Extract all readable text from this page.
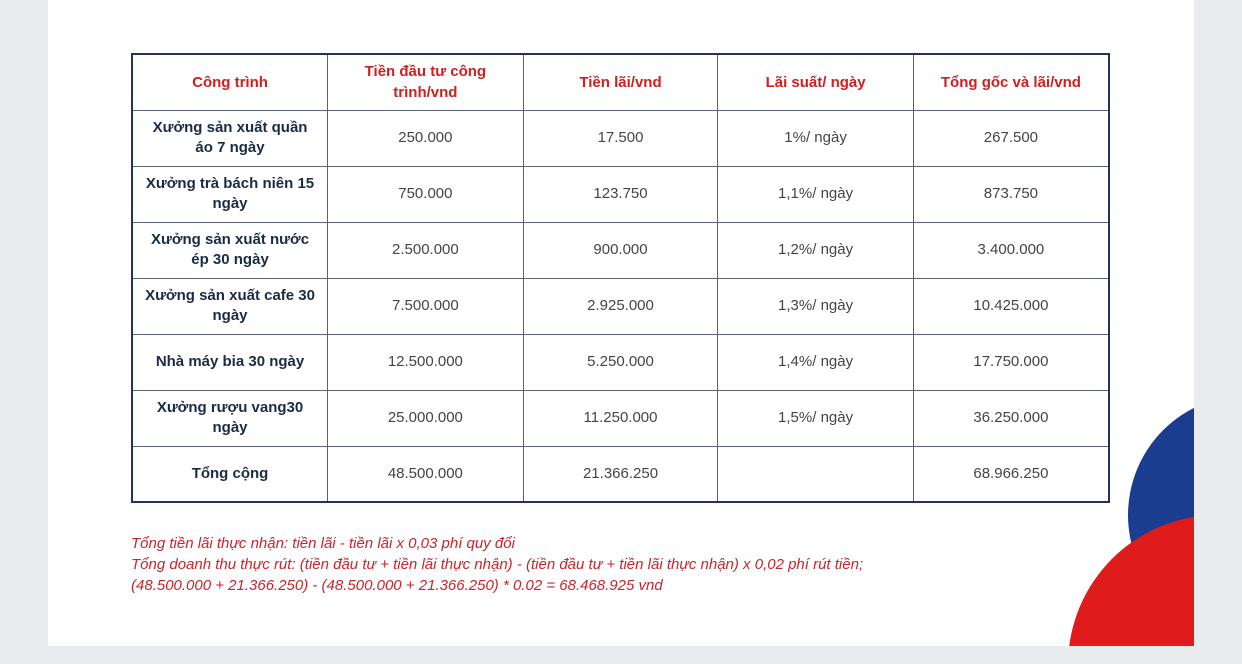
Công trình	Tiền đầu tư công trình/vnd	Tiền lãi/vnd	Lãi suất/ ngày	Tổng gốc và lãi/vnd
Xưởng sản xuất quần áo 7 ngày	250.000	17.500	1%/ ngày	267.500
Xưởng trà bách niên 15 ngày	750.000	123.750	1,1%/ ngày	873.750
Xưởng sản xuất nước ép 30 ngày	2.500.000	900.000	1,2%/ ngày	3.400.000
Xưởng sản xuất cafe 30 ngày	7.500.000	2.925.000	1,3%/ ngày	10.425.000
Nhà máy bia 30 ngày	12.500.000	5.250.000	1,4%/ ngày	17.750.000
Xưởng rượu vang30 ngày	25.000.000	11.250.000	1,5%/ ngày	36.250.000
Tổng cộng	48.500.000	21.366.250		68.966.250

Tổng tiền lãi thực nhận: tiền lãi - tiền lãi x 0,03 phí quy đổi

Tổng doanh thu thực rút: (tiền đầu tư + tiền lãi thực nhận) - (tiền đầu tư + tiền lãi thực nhận) x 0,02 phí rút tiền;

(48.500.000 + 21.366.250) - (48.500.000 + 21.366.250) * 0.02 = 68.468.925 vnd
